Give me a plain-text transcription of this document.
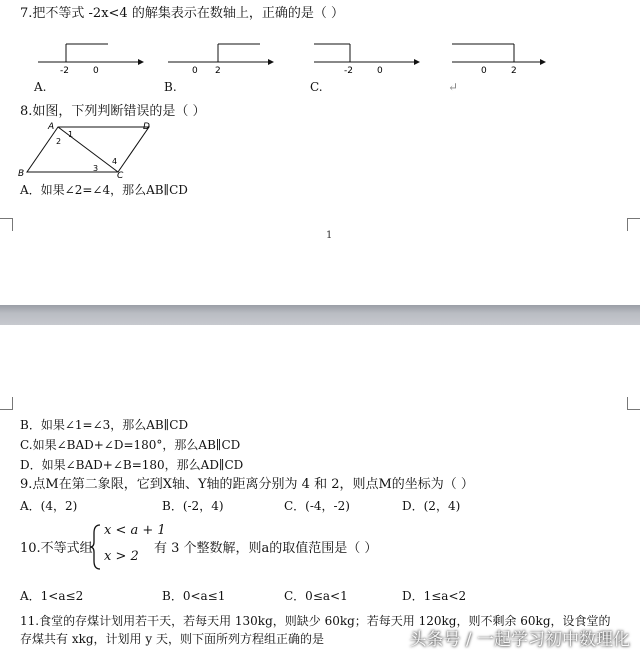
7.把不等式 -2x<4 的解集表示在数轴上，正确的是（ ）
-2	0
A.
0 2
B.
-2	0
C.
0	2
↵
8.如图，下列判断错误的是（ ）
A	D
B	C
1
2
3
4
A．如果∠2=∠4，那么AB∥CD
1
B．如果∠1=∠3，那么AB∥CD
C.如果∠BAD+∠D=180°，那么AB∥CD
D．如果∠BAD+∠B=180，那么AD∥CD
9.点M在第二象限，它到X轴、Y轴的距离分别为 4 和 2，则点M的坐标为（ ）
A．(4，2)	B．(-2，4)	C．(-4，-2)	D．(2，4)
10.不等式组
x < a + 1
x > 2
有 3 个整数解，则a的取值范围是（ ）
A．1<a≤2	B．0<a≤1	C．0≤a<1	D．1≤a<2
11.食堂的存煤计划用若干天，若每天用 130kg，则缺少 60kg；若每天用 120kg，则不剩余 60kg，设食堂的
存煤共有 xkg，计划用 y 天，则下面所列方程组正确的是	头条号 / 一起学习初中数理化
